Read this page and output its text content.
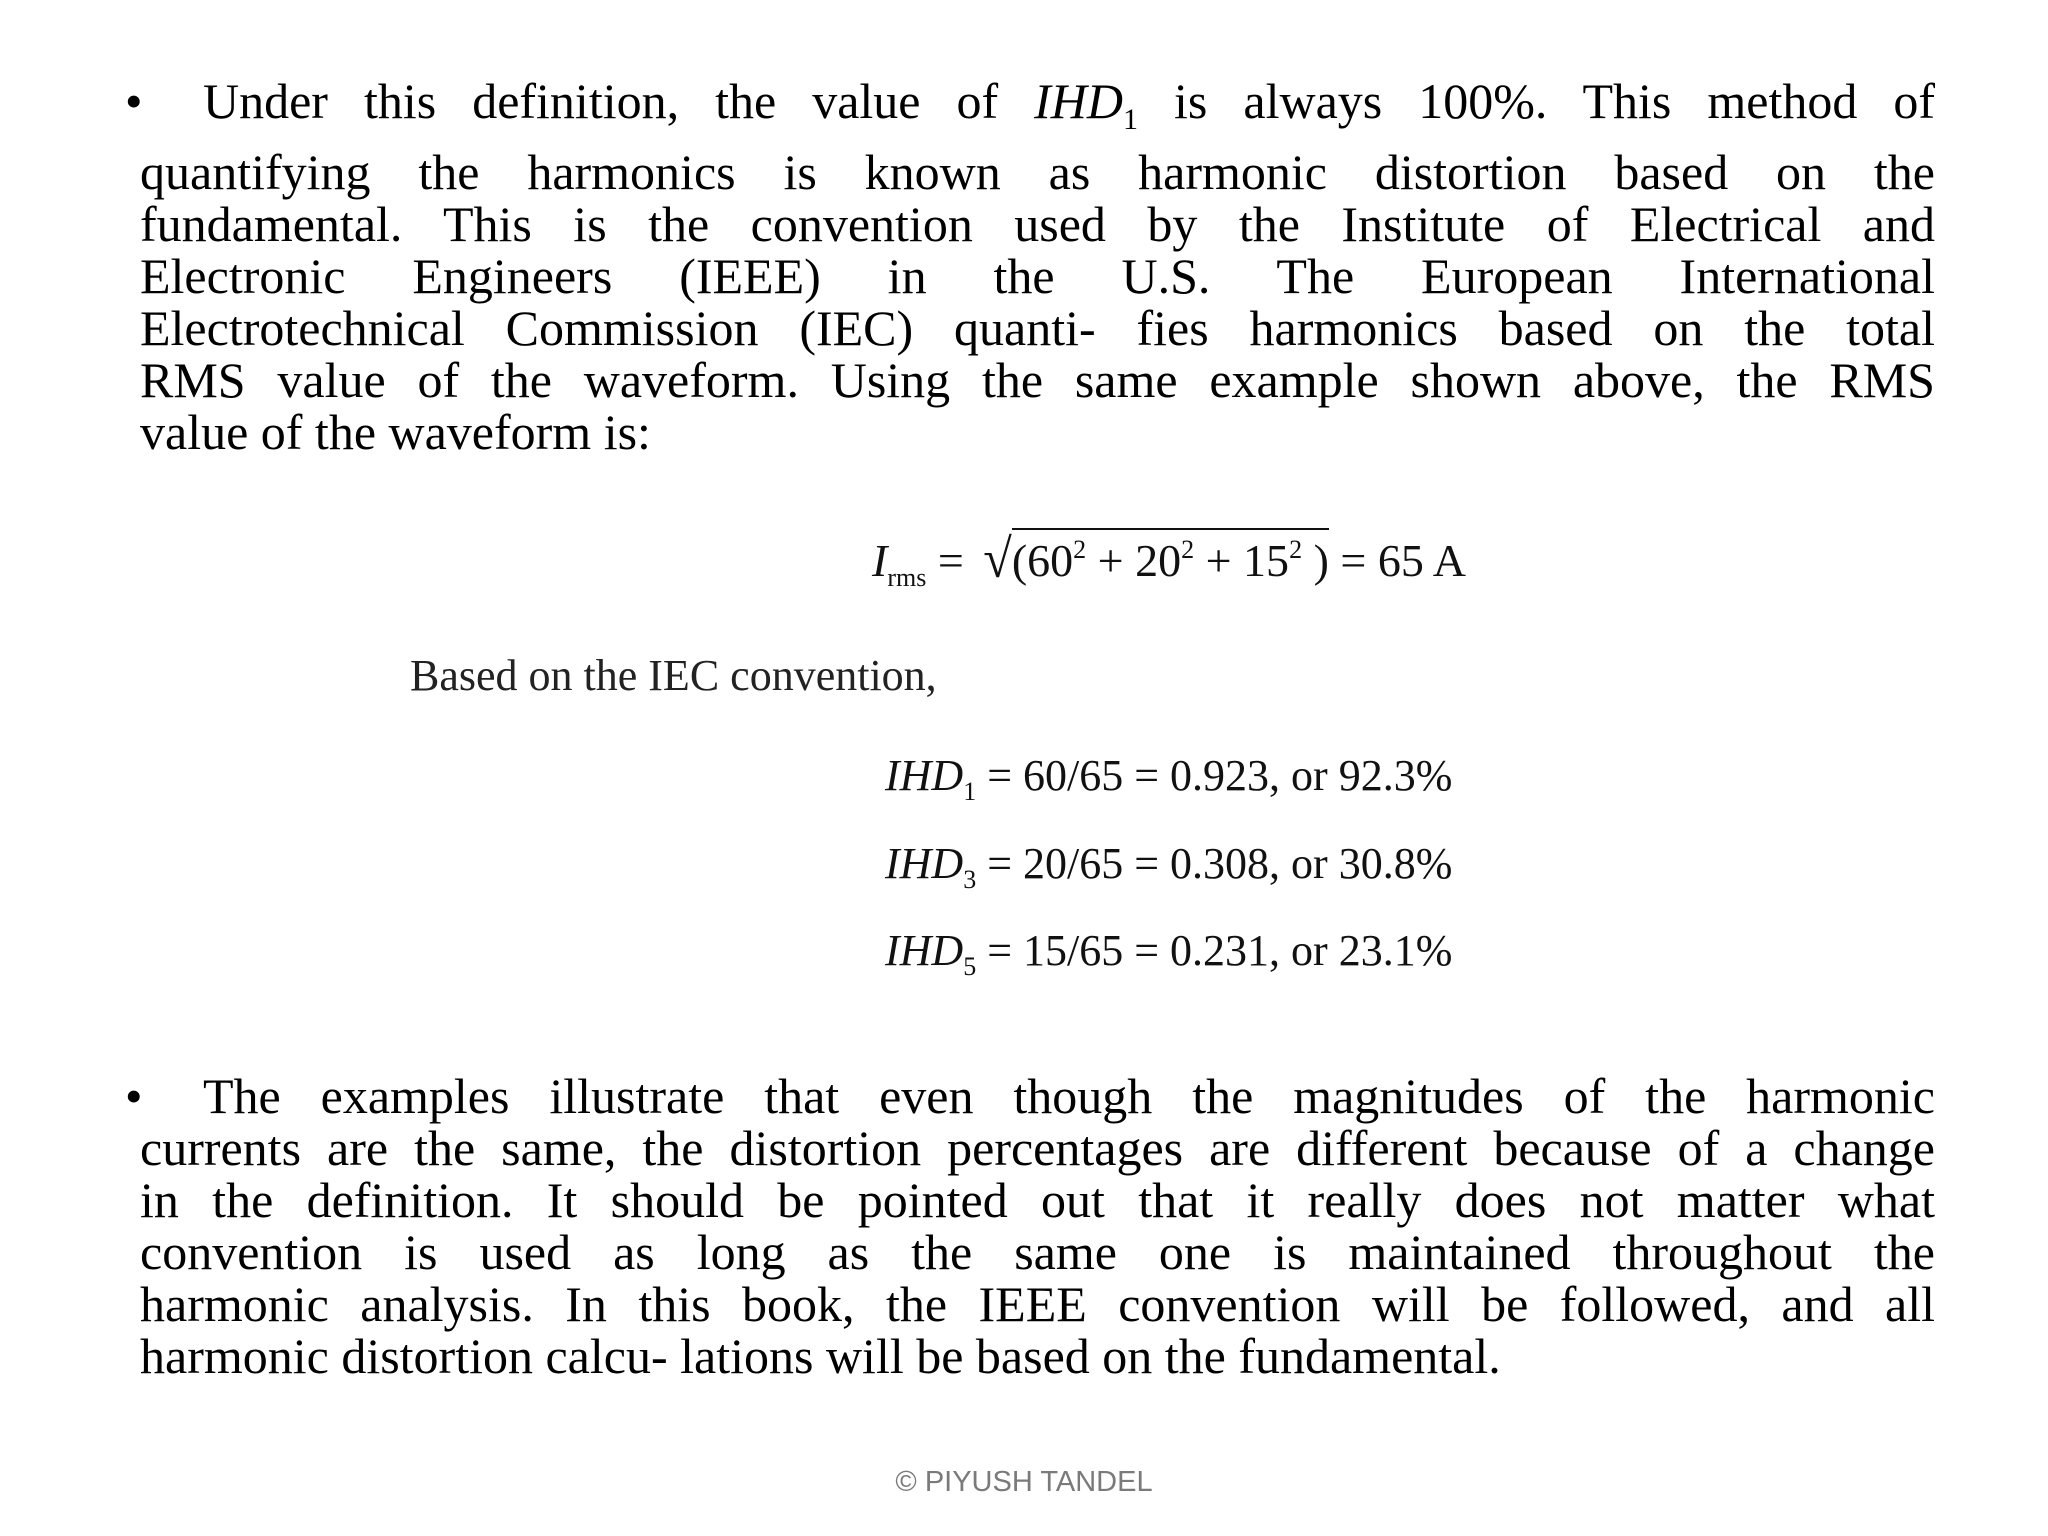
• Under this definition, the value of $IHD_1$ is always 100%. This method of
quantifying the harmonics is known as harmonic distortion based on the
fundamental. This is the convention used by the Institute of Electrical and
Electronic Engineers (IEEE) in the U.S. The European International
Electrotechnical Commission (IEC) quanti- fies harmonics based on the total
RMS value of the waveform. Using the same example shown above, the RMS
value of the waveform is:
$I_{rms} = √(60^2 + 20^2 + 15^2$ ) = 65 A
Based on the IEC convention,
$IHD_1 = 60/65 = 0.923$, or 92.3%
$IHD_3 = 20/65 = 0.308$, or 30.8%
$IHD_5 = 15/65 = 0.231$, or 23.1%
• The examples illustrate that even though the magnitudes of the harmonic
currents are the same, the distortion percentages are different because of a change
in the definition. It should be pointed out that it really does not matter what
convention is used as long as the same one is maintained throughout the
harmonic analysis. In this book, the IEEE convention will be followed, and all
harmonic distortion calcu- lations will be based on the fundamental.
© PIYUSH TANDEL
